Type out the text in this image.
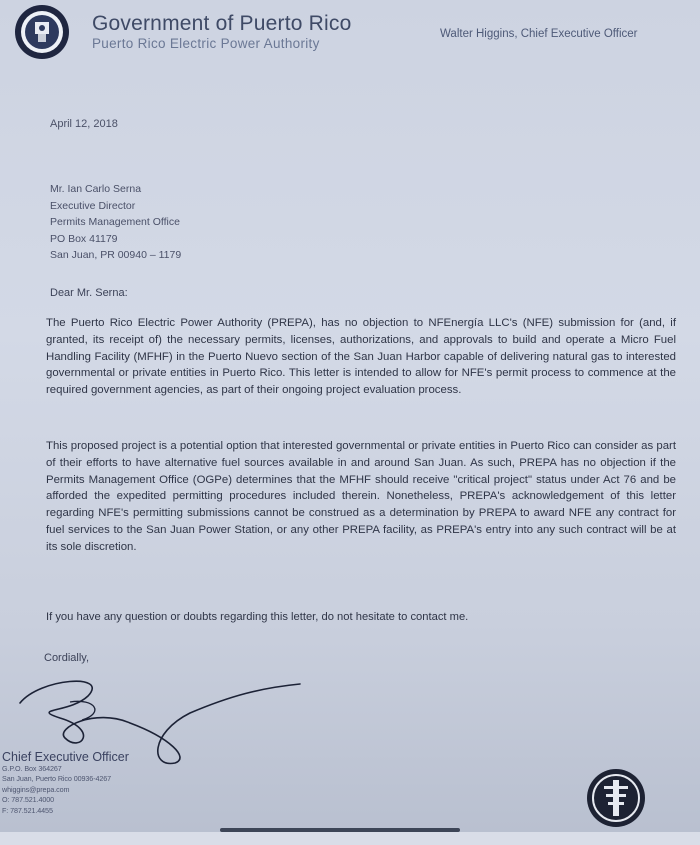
Government of Puerto Rico
Puerto Rico Electric Power Authority
Walter Higgins, Chief Executive Officer
April 12, 2018
Mr. Ian Carlo Serna
Executive Director
Permits Management Office
PO Box 41179
San Juan, PR 00940 – 1179
Dear Mr. Serna:
The Puerto Rico Electric Power Authority (PREPA), has no objection to NFEnergía LLC's (NFE) submission for (and, if granted, its receipt of) the necessary permits, licenses, authorizations, and approvals to build and operate a Micro Fuel Handling Facility (MFHF) in the Puerto Nuevo section of the San Juan Harbor capable of delivering natural gas to interested governmental or private entities in Puerto Rico. This letter is intended to allow for NFE's permit process to commence at the required government agencies, as part of their ongoing project evaluation process.
This proposed project is a potential option that interested governmental or private entities in Puerto Rico can consider as part of their efforts to have alternative fuel sources available in and around San Juan. As such, PREPA has no objection if the Permits Management Office (OGPe) determines that the MFHF should receive "critical project" status under Act 76 and be afforded the expedited permitting procedures included therein. Nonetheless, PREPA's acknowledgement of this letter regarding NFE's permitting submissions cannot be construed as a determination by PREPA to award NFE any contract for fuel services to the San Juan Power Station, or any other PREPA facility, as PREPA's entry into any such contract will be at its sole discretion.
If you have any question or doubts regarding this letter, do not hesitate to contact me.
Cordially,
Chief Executive Officer
G.P.O. Box 364267
San Juan, Puerto Rico 00936-4267
whiggins@prepa.com
O: 787.521.4000
F: 787.521.4455
